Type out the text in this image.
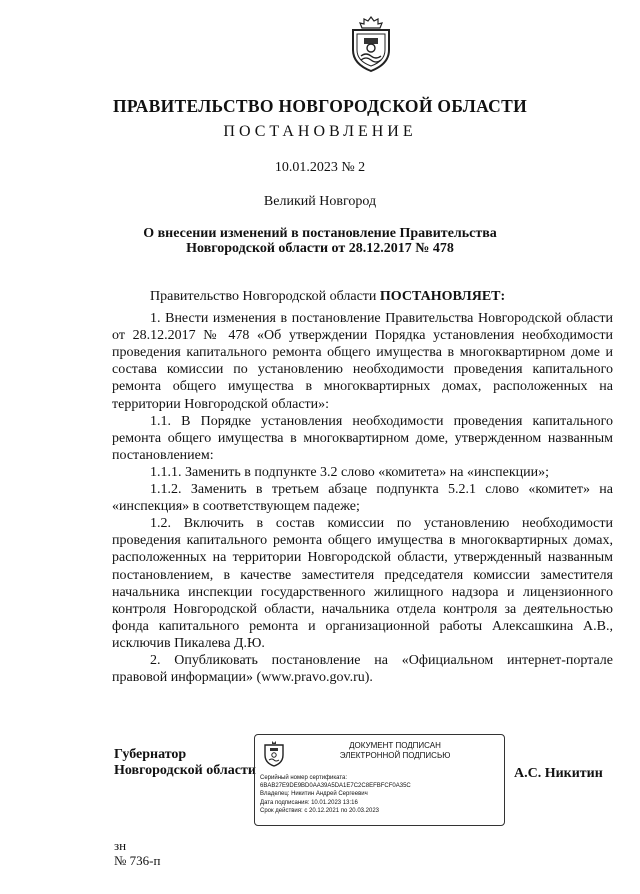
ПРАВИТЕЛЬСТВО НОВГОРОДСКОЙ ОБЛАСТИ
ПОСТАНОВЛЕНИЕ
10.01.2023 № 2
Великий Новгород
О внесении изменений в постановление Правительства
Новгородской области от 28.12.2017 № 478

Правительство Новгородской области ПОСТАНОВЛЯЕТ:

1. Внести изменения в постановление Правительства Новгородской области от 28.12.2017 № 478 «Об утверждении Порядка установления необходимости проведения капитального ремонта общего имущества в многоквартирном доме и состава комиссии по установлению необходимости проведения капитального ремонта общего имущества в многоквартирных домах, расположенных на территории Новгородской области»:

1.1. В Порядке установления необходимости проведения капитального ремонта общего имущества в многоквартирном доме, утвержденном названным постановлением:

1.1.1. Заменить в подпункте 3.2 слово «комитета» на «инспекции»;

1.1.2. Заменить в третьем абзаце подпункта 5.2.1 слово «комитет» на «инспекция» в соответствующем падеже;

1.2. Включить в состав комиссии по установлению необходимости проведения капитального ремонта общего имущества в многоквартирных домах, расположенных на территории Новгородской области, утвержденный названным постановлением, в качестве заместителя председателя комиссии заместителя начальника инспекции государственного жилищного надзора и лицензионного контроля Новгородской области, начальника отдела контроля за деятельностью фонда капитального ремонта и организационной работы Алексашкина А.В., исключив Пикалева Д.Ю.

2. Опубликовать постановление на «Официальном интернет-портале правовой информации» (www.pravo.gov.ru).

Губернатор
Новгородской области
ДОКУМЕНТ ПОДПИСАН
ЭЛЕКТРОННОЙ ПОДПИСЬЮ
Серийный номер сертификата:
6BAB27E9DE9BD0AA39A5DA1E7C2C8EFBFCF0A35C
Владелец: Никитин Андрей Сергеевич
Дата подписания: 10.01.2023 13:16
Срок действия: с 20.12.2021 по 20.03.2023
А.С. Никитин
зн
№ 736-п
